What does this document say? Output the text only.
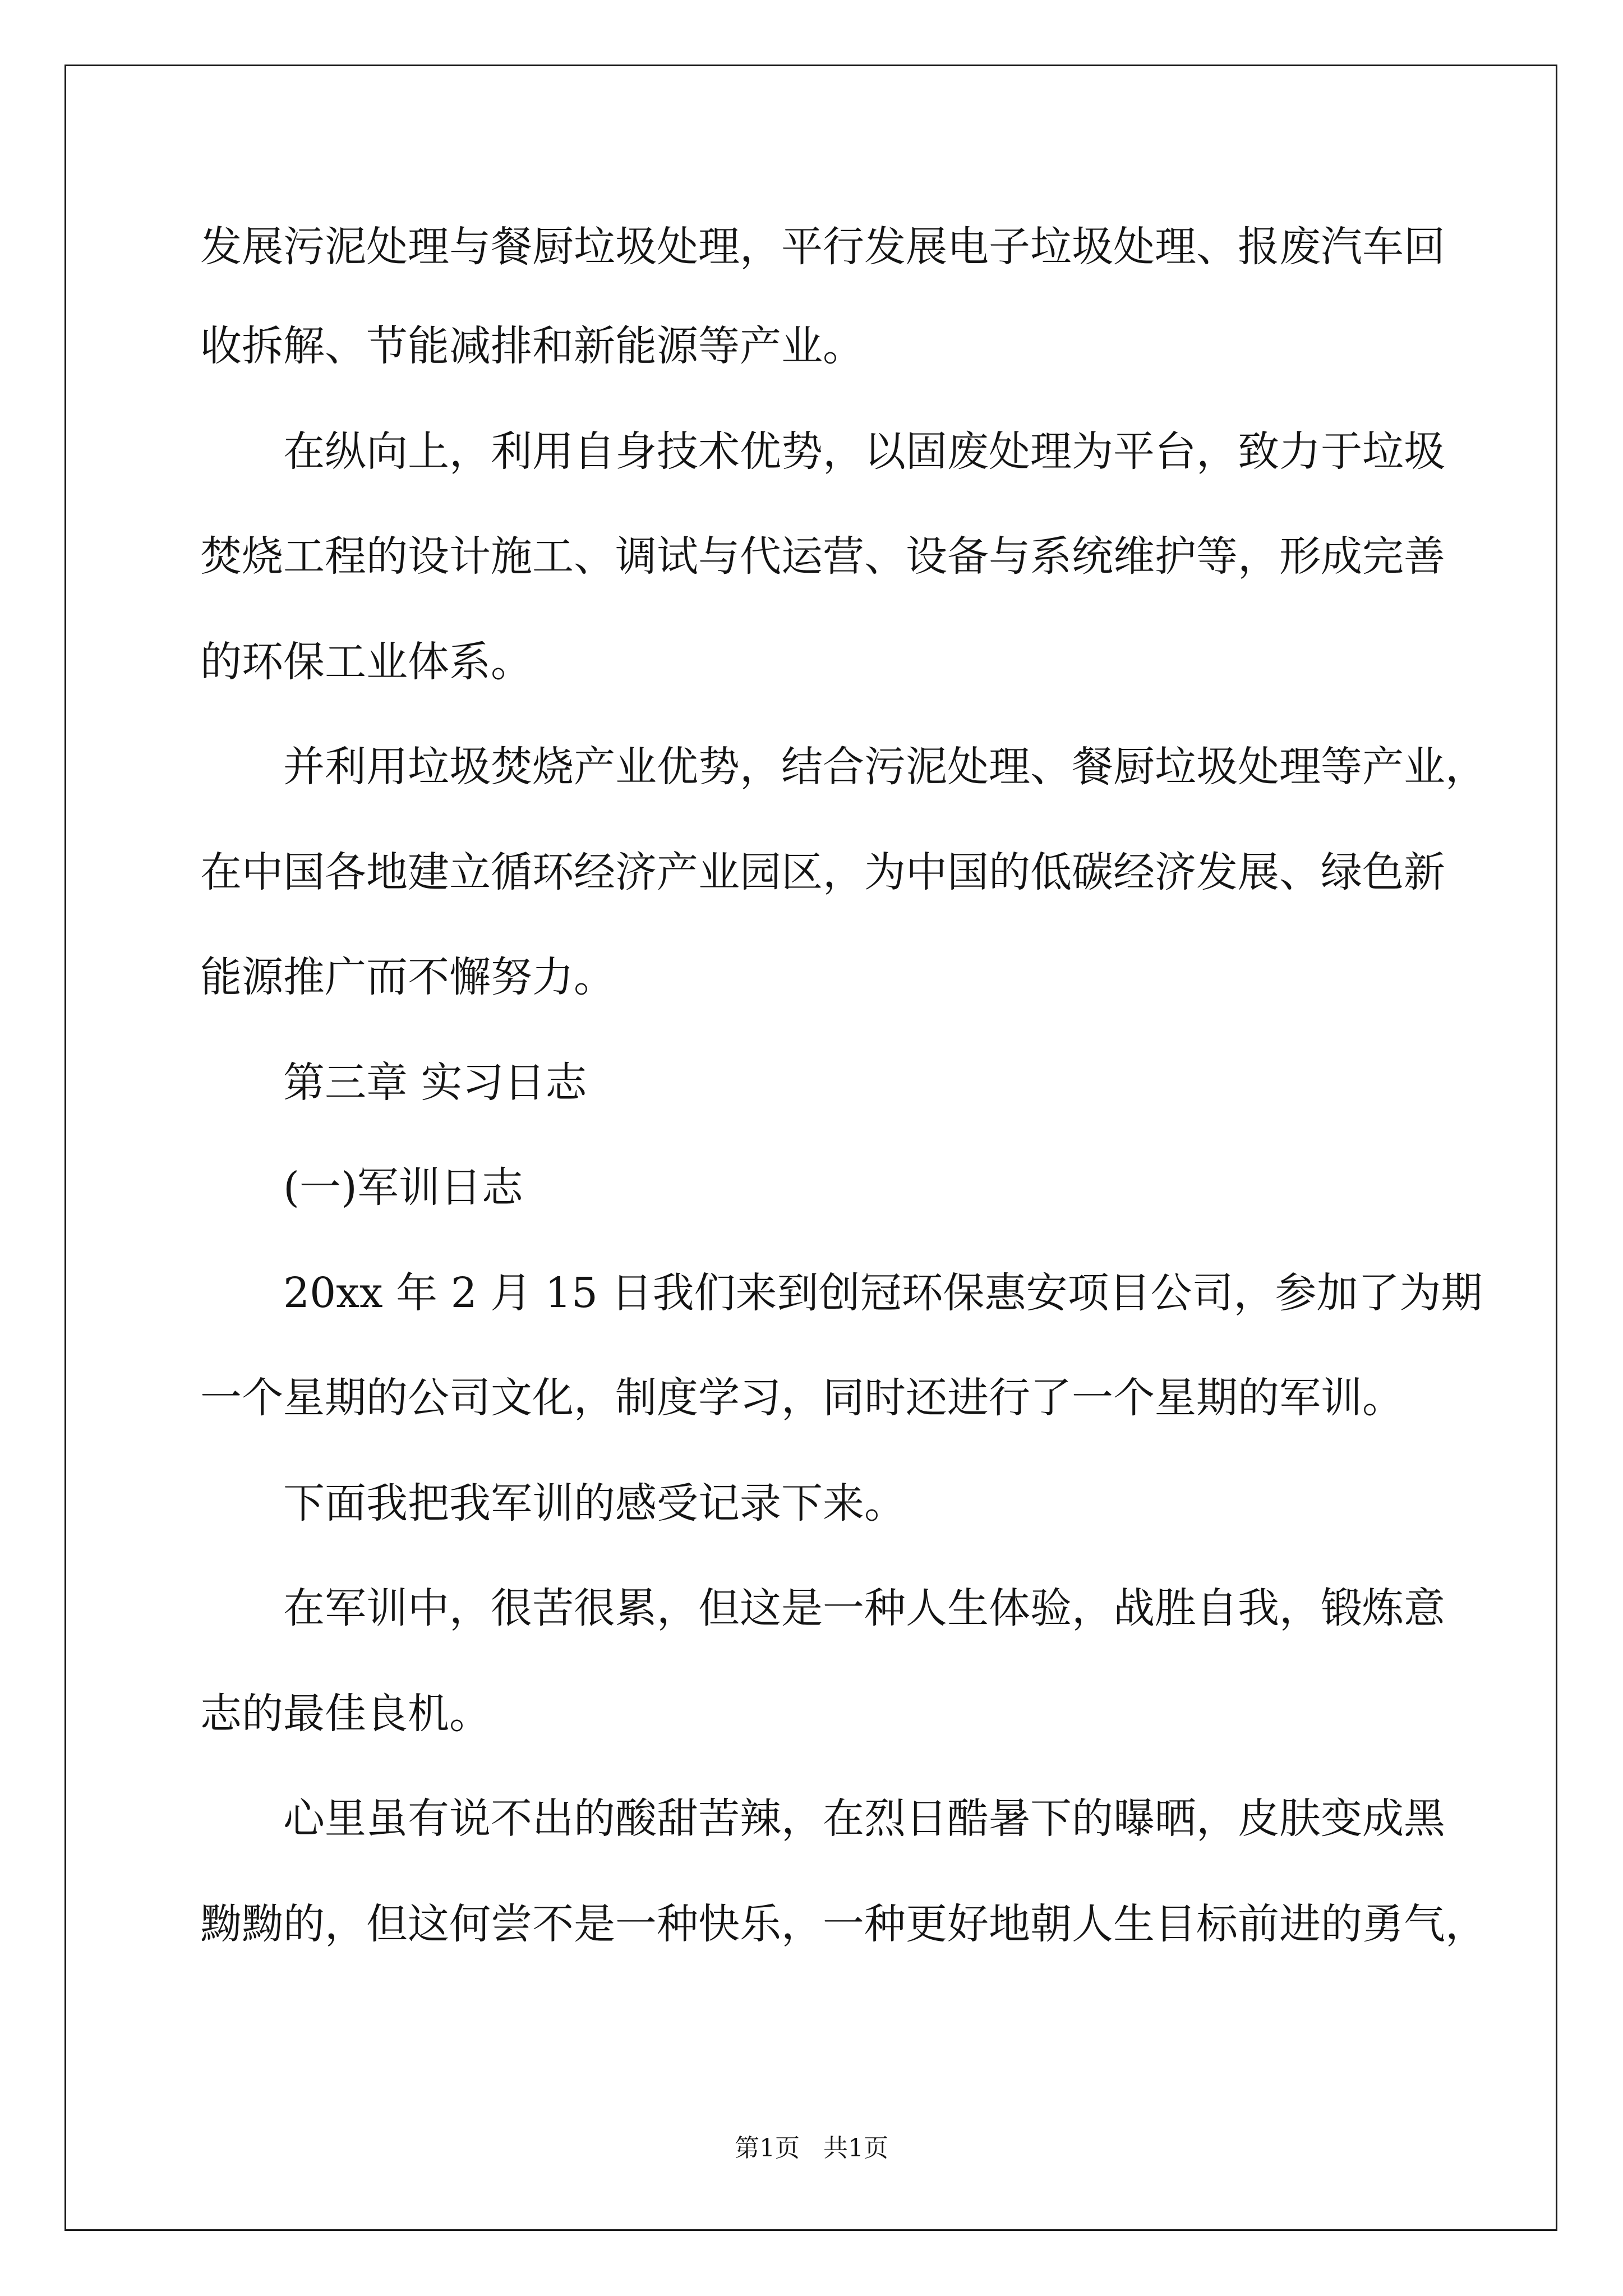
发展污泥处理与餐厨垃圾处理，平行发展电子垃圾处理、报废汽车回
收拆解、节能减排和新能源等产业。
在纵向上，利用自身技术优势，以固废处理为平台，致力于垃圾
焚烧工程的设计施工、调试与代运营、设备与系统维护等，形成完善
的环保工业体系。
并利用垃圾焚烧产业优势，结合污泥处理、餐厨垃圾处理等产业，
在中国各地建立循环经济产业园区，为中国的低碳经济发展、绿色新
能源推广而不懈努力。
第三章 实习日志
(一)军训日志
20xx 年 2 月 15 日我们来到创冠环保惠安项目公司，参加了为期
一个星期的公司文化，制度学习，同时还进行了一个星期的军训。
下面我把我军训的感受记录下来。
在军训中，很苦很累，但这是一种人生体验，战胜自我，锻炼意
志的最佳良机。
心里虽有说不出的酸甜苦辣，在烈日酷暑下的曝晒，皮肤变成黑
黝黝的，但这何尝不是一种快乐，一种更好地朝人生目标前进的勇气，
第1页   共1页
